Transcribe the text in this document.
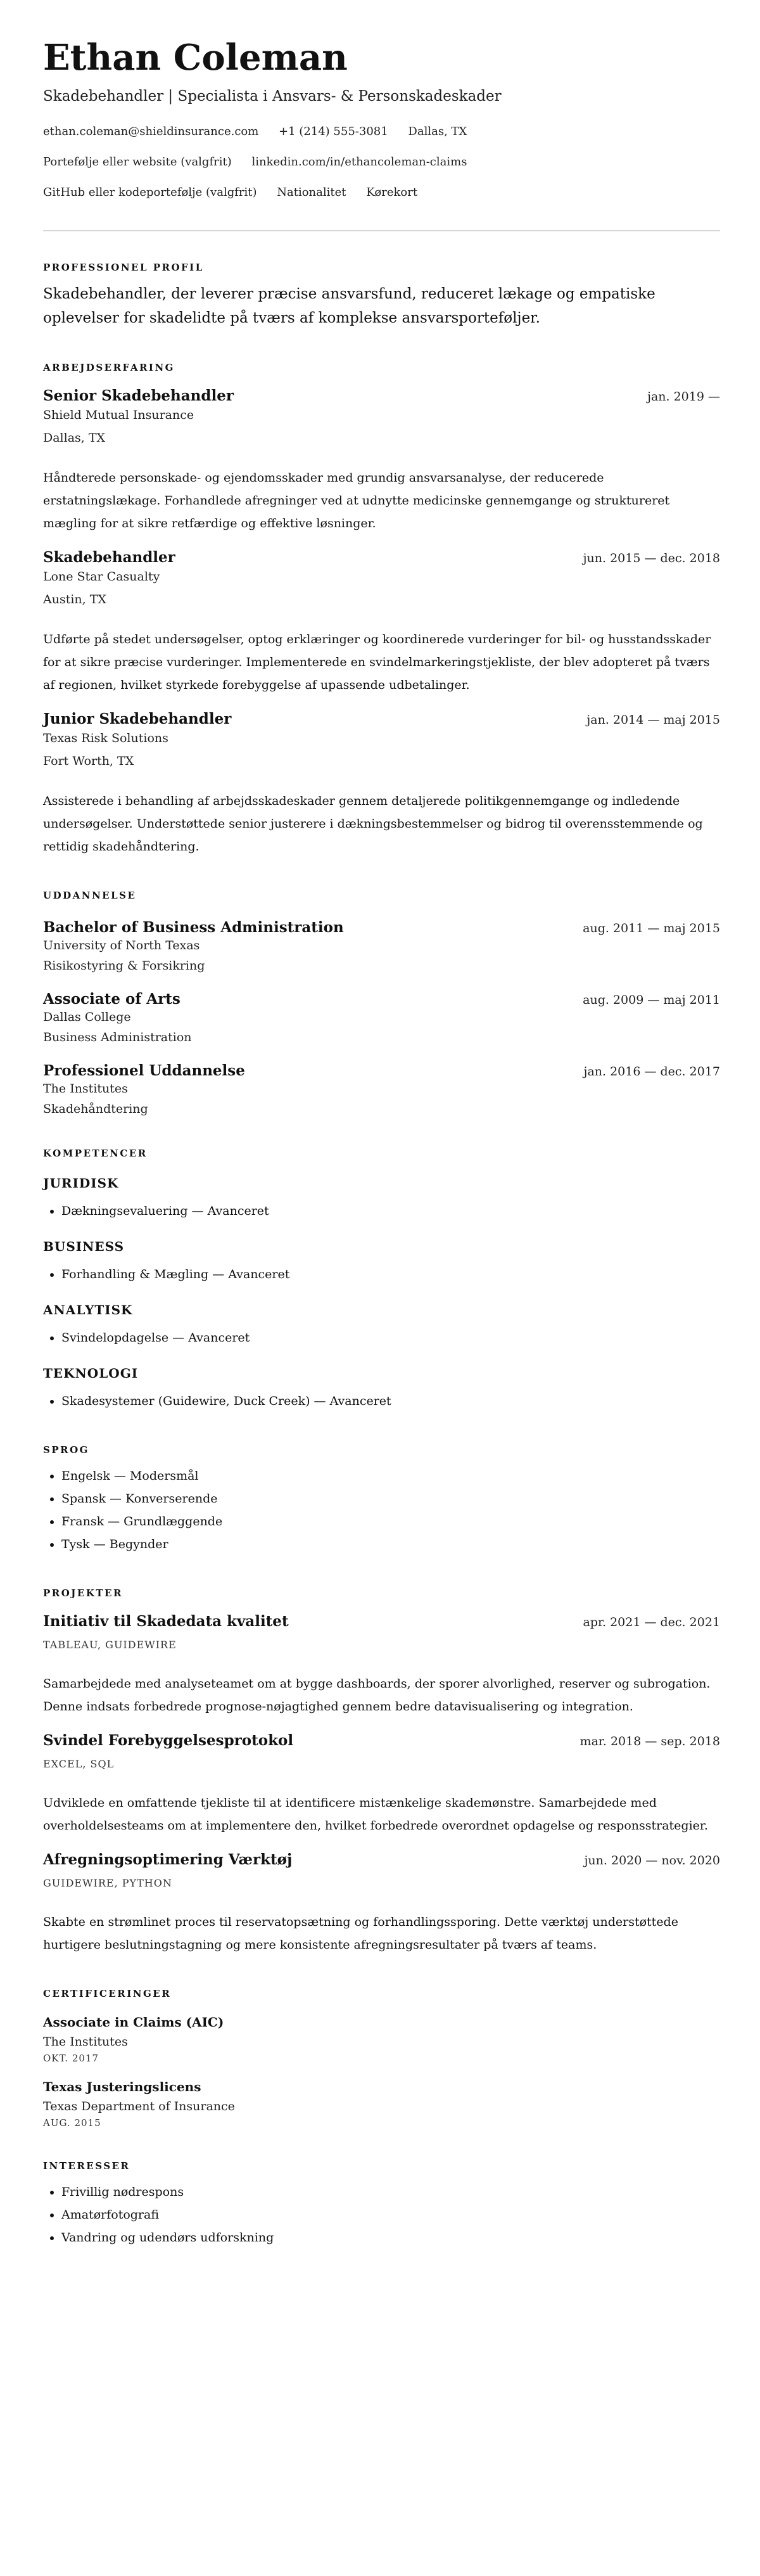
Ethan Coleman
Skadebehandler | Specialista i Ansvars- & Personskadeskader
ethan.coleman@shieldinsurance.com +1 (214) 555-3081 Dallas, TX
Portefølje eller website (valgfrit) linkedin.com/in/ethancoleman-claims
GitHub eller kodeportefølje (valgfrit) Nationalitet Kørekort
PROFESSIONEL PROFIL
Skadebehandler, der leverer præcise ansvarsfund, reduceret lækage og empatiske oplevelser for skadelidte på tværs af komplekse ansvarsporteføljer.
ARBEJDSERFARING
Senior Skadebehandler	jan. 2019 —
Shield Mutual Insurance
Dallas, TX
Håndterede personskade- og ejendomsskader med grundig ansvarsanalyse, der reducerede erstatningslækage. Forhandlede afregninger ved at udnytte medicinske gennemgange og struktureret mægling for at sikre retfærdige og effektive løsninger.
Skadebehandler	jun. 2015 — dec. 2018
Lone Star Casualty
Austin, TX
Udførte på stedet undersøgelser, optog erklæringer og koordinerede vurderinger for bil- og husstandsskader for at sikre præcise vurderinger. Implementerede en svindelmarkeringstjekliste, der blev adopteret på tværs af regionen, hvilket styrkede forebyggelse af upassende udbetalinger.
Junior Skadebehandler	jan. 2014 — maj 2015
Texas Risk Solutions
Fort Worth, TX
Assisterede i behandling af arbejdsskadeskader gennem detaljerede politikgennemgange og indledende undersøgelser. Understøttede senior justerere i dækningsbestemmelser og bidrog til overensstemmende og rettidig skadehåndtering.
UDDANNELSE
Bachelor of Business Administration	aug. 2011 — maj 2015
University of North Texas
Risikostyring & Forsikring
Associate of Arts	aug. 2009 — maj 2011
Dallas College
Business Administration
Professionel Uddannelse	jan. 2016 — dec. 2017
The Institutes
Skadehåndtering
KOMPETENCER
JURIDISK
• Dækningsevaluering — Avanceret
BUSINESS
• Forhandling & Mægling — Avanceret
ANALYTISK
• Svindelopdagelse — Avanceret
TEKNOLOGI
• Skadesystemer (Guidewire, Duck Creek) — Avanceret
SPROG
• Engelsk — Modersmål
• Spansk — Konverserende
• Fransk — Grundlæggende
• Tysk — Begynder
PROJEKTER
Initiativ til Skadedata kvalitet	apr. 2021 — dec. 2021
TABLEAU, GUIDEWIRE
Samarbejdede med analyseteamet om at bygge dashboards, der sporer alvorlighed, reserver og subrogation. Denne indsats forbedrede prognose-nøjagtighed gennem bedre datavisualisering og integration.
Svindel Forebyggelsesprotokol	mar. 2018 — sep. 2018
EXCEL, SQL
Udviklede en omfattende tjekliste til at identificere mistænkelige skademønstre. Samarbejdede med overholdelsesteams om at implementere den, hvilket forbedrede overordnet opdagelse og responsstrategier.
Afregningsoptimering Værktøj	jun. 2020 — nov. 2020
GUIDEWIRE, PYTHON
Skabte en strømlinet proces til reservatopsætning og forhandlingssporing. Dette værktøj understøttede hurtigere beslutningstagning og mere konsistente afregningsresultater på tværs af teams.
CERTIFICERINGER
Associate in Claims (AIC)
The Institutes
OKT. 2017
Texas Justeringslicens
Texas Department of Insurance
AUG. 2015
INTERESSER
• Frivillig nødrespons
• Amatørfotografi
• Vandring og udendørs udforskning
